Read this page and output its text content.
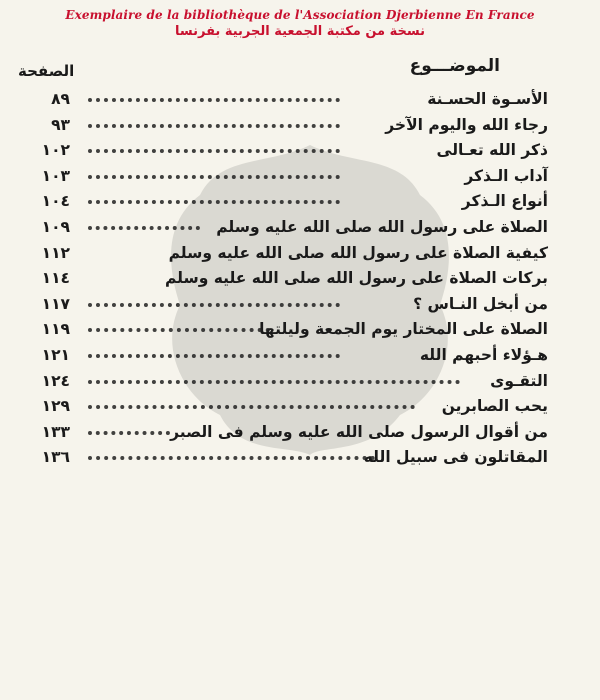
Exemplaire de la bibliothèque de l'Association Djerbienne En France
نسخة من مكتبة الجمعية الجربية بفرنسا
الموضـــوع
الصفحة
الأسـوة الحسـنة
٨٩
رجاء الله واليوم الآخر
٩٣
ذكر الله تعـالى
١٠٢
آداب الـذكر
١٠٣
أنواع الـذكر
١٠٤
الصلاة على رسول الله صلى الله عليه وسلم
١٠٩
كيفية الصلاة على رسول الله صلى الله عليه وسلم
١١٢
بركات الصلاة على رسول الله صلى الله عليه وسلم
١١٤
من أبخل النـاس ؟
١١٧
الصلاة على المختار يوم الجمعة وليلتها
١١٩
هـؤلاء أحبهم الله
١٢١
التقـوى
١٢٤
يحب الصابرين
١٢٩
من أقوال الرسول صلى الله عليه وسلم فى الصبر
١٣٣
المقاتلون فى سبيل الله
١٣٦
